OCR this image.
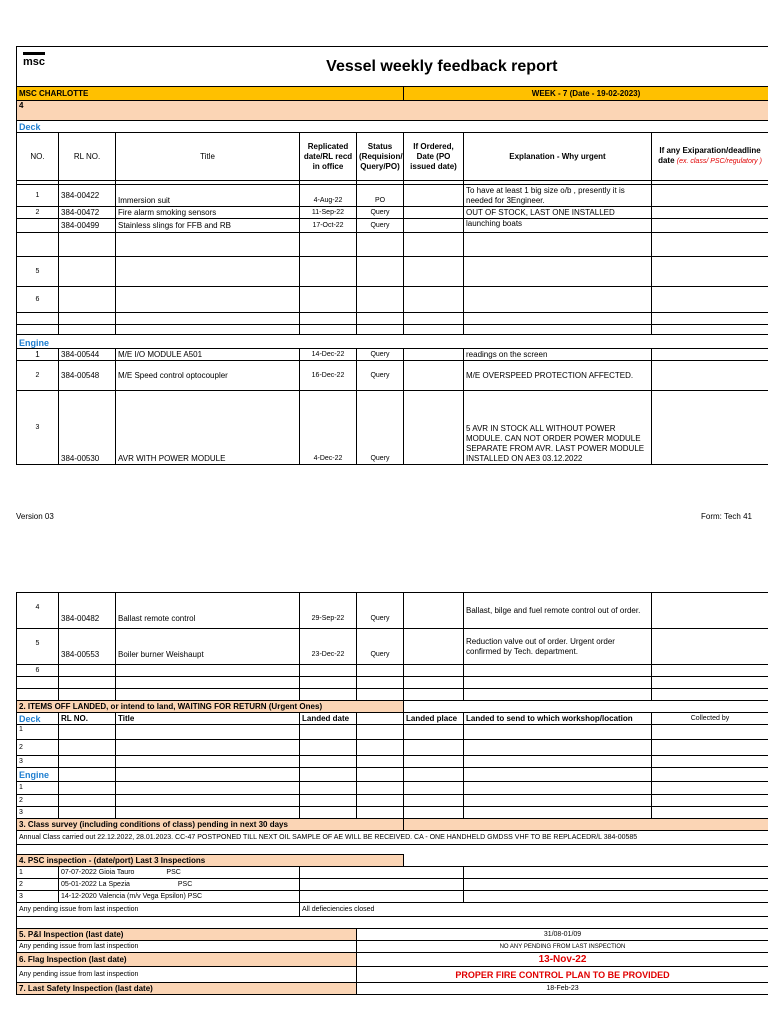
msc		Vessel weekly feedback report					
MSC CHARLOTTE					WEEK - 7 (Date - 19-02-2023)		
4							
Deck							
NO.	RL NO.	Title	Replicated date/RL recd in office	Status (Requision/ Query/PO)	If Ordered, Date (PO issued date)	Explanation - Why urgent	If any Exiparation/deadline date (ex. class/ PSC/regulatory )

1	384-00422	Immersion suit	4-Aug-22	PO		To have at least 1 big size o/b , presently it is needed for 3Engineer.	
2	384-00472	Fire alarm smoking sensors	11-Sep-22	Query		OUT OF STOCK, LAST ONE INSTALLED	
	384-00499	Stainless slings for FFB and RB	17-Oct-22	Query		launching boats	

5							
6							

Engine							
1	384-00544	M/E I/O MODULE A501	14-Dec-22	Query		readings on the screen	
2	384-00548	M/E Speed control optocoupler	16-Dec-22	Query		M/E OVERSPEED PROTECTION AFFECTED.	
3	384-00530	AVR WITH POWER MODULE	4-Dec-22	Query		5 AVR IN STOCK ALL WITHOUT POWER MODULE. CAN NOT ORDER POWER MODULE SEPARATE FROM AVR. LAST POWER MODULE INSTALLED ON AE3 03.12.2022	
Version 03	Form: Tech 41
4	384-00482	Ballast remote control	29-Sep-22	Query		Ballast, bilge and fuel remote control out of order.	
5	384-00553	Boiler burner Weishaupt	23-Dec-22	Query		Reduction valve out of order. Urgent order confirmed by Tech. department.	
6							

2. ITEMS OFF LANDED, or intend to land, WAITING FOR RETURN (Urgent Ones)							
Deck	RL NO.	Title	Landed date		Landed place	Landed to send to which workshop/location	Collected by
1							
2							
3							
Engine							
1							
2							
3							
3. Class survey (including conditions of class) pending in next 30 days							
Annual Class carried out 22.12.2022, 28.01.2023. CC-47 POSTPONED TILL NEXT OIL SAMPLE OF AE WILL BE RECEIVED. CA - ONE HANDHELD GMDSS VHF TO BE REPLACEDR/L 384-00585							

4. PSC inspection - (date/port) Last 3 Inspections							
1	07-07-2022 Gioia Tauro PSC						
2	05-01-2022 La Spezia PSC						
3	14-12-2020 Valencia (m/v Vega Epsilon) PSC						
Any pending issue from last inspection			All defieciencies closed				

5. P&I Inspection (last date)				31/08-01/09			
Any pending issue from last inspection				NO ANY PENDING FROM LAST INSPECTION			
6. Flag Inspection (last date)				13-Nov-22			
Any pending issue from last inspection				PROPER FIRE CONTROL PLAN TO BE PROVIDED			
7. Last Safety Inspection (last date)				18-Feb-23			
